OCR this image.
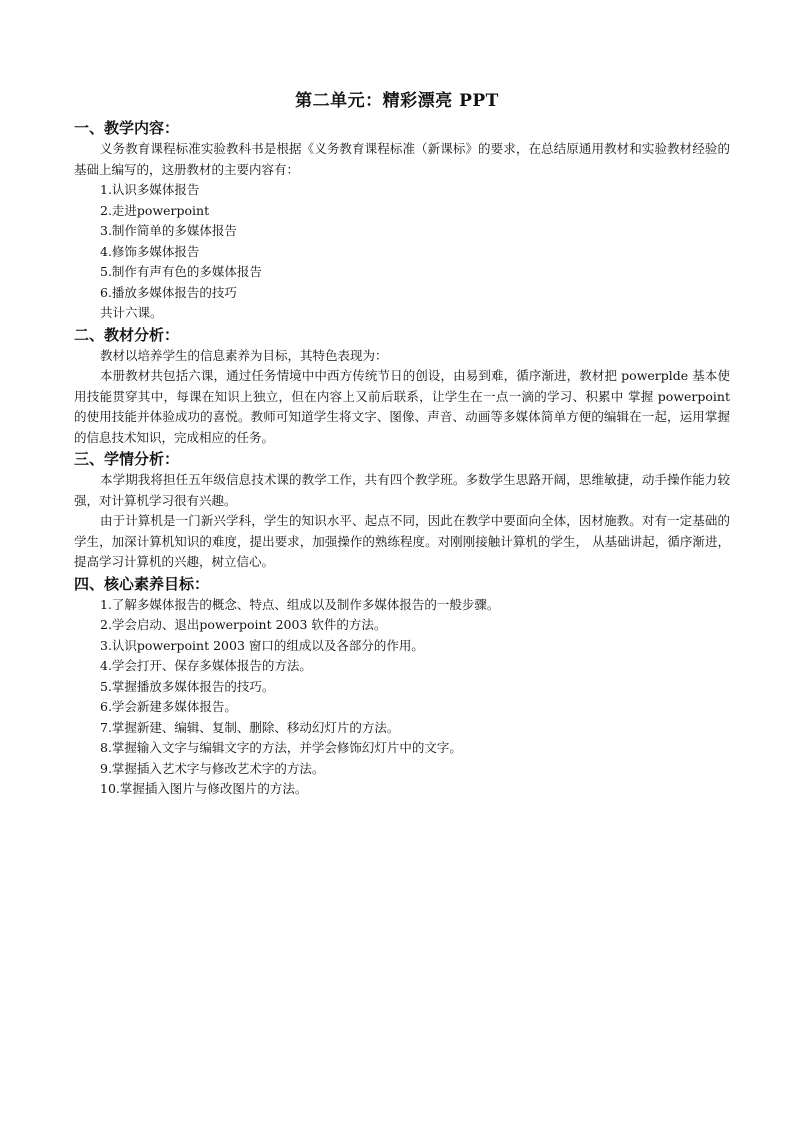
第二单元：精彩漂亮 PPT
一、教学内容：
义务教育课程标准实验教科书是根据《义务教育课程标准（新课标》的要求，在总结原通用教材和实验教材经验的基础上编写的，这册教材的主要内容有：
1.认识多媒体报告
2.走进powerpoint
3.制作简单的多媒体报告
4.修饰多媒体报告
5.制作有声有色的多媒体报告
6.播放多媒体报告的技巧
共计六课。
二、教材分析：
教材以培养学生的信息素养为目标，其特色表现为：
本册教材共包括六课，通过任务情境中中西方传统节日的创设，由易到难，循序渐进，教材把 powerplde 基本使用技能贯穿其中，每课在知识上独立，但在内容上又前后联系，让学生在一点一滴的学习、积累中 掌握 powerpoint 的使用技能并体验成功的喜悦。教师可知道学生将文字、图像、声音、动画等多媒体简单方便的编辑在一起，运用掌握的信息技术知识，完成相应的任务。
三、学情分析：
本学期我将担任五年级信息技术课的教学工作，共有四个教学班。多数学生思路开阔，思维敏捷，动手操作能力较强，对计算机学习很有兴趣。
由于计算机是一门新兴学科，学生的知识水平、起点不同，因此在教学中要面向全体，因材施教。对有一定基础的学生，加深计算机知识的难度，提出要求，加强操作的熟练程度。对刚刚接触计算机的学生， 从基础讲起，循序渐进，提高学习计算机的兴趣，树立信心。
四、核心素养目标：
1.了解多媒体报告的概念、特点、组成以及制作多媒体报告的一般步骤。
2.学会启动、退出powerpoint 2003 软件的方法。
3.认识powerpoint 2003 窗口的组成以及各部分的作用。
4.学会打开、保存多媒体报告的方法。
5.掌握播放多媒体报告的技巧。
6.学会新建多媒体报告。
7.掌握新建、编辑、复制、删除、移动幻灯片的方法。
8.掌握输入文字与编辑文字的方法，并学会修饰幻灯片中的文字。
9.掌握插入艺术字与修改艺术字的方法。
10.掌握插入图片与修改图片的方法。
